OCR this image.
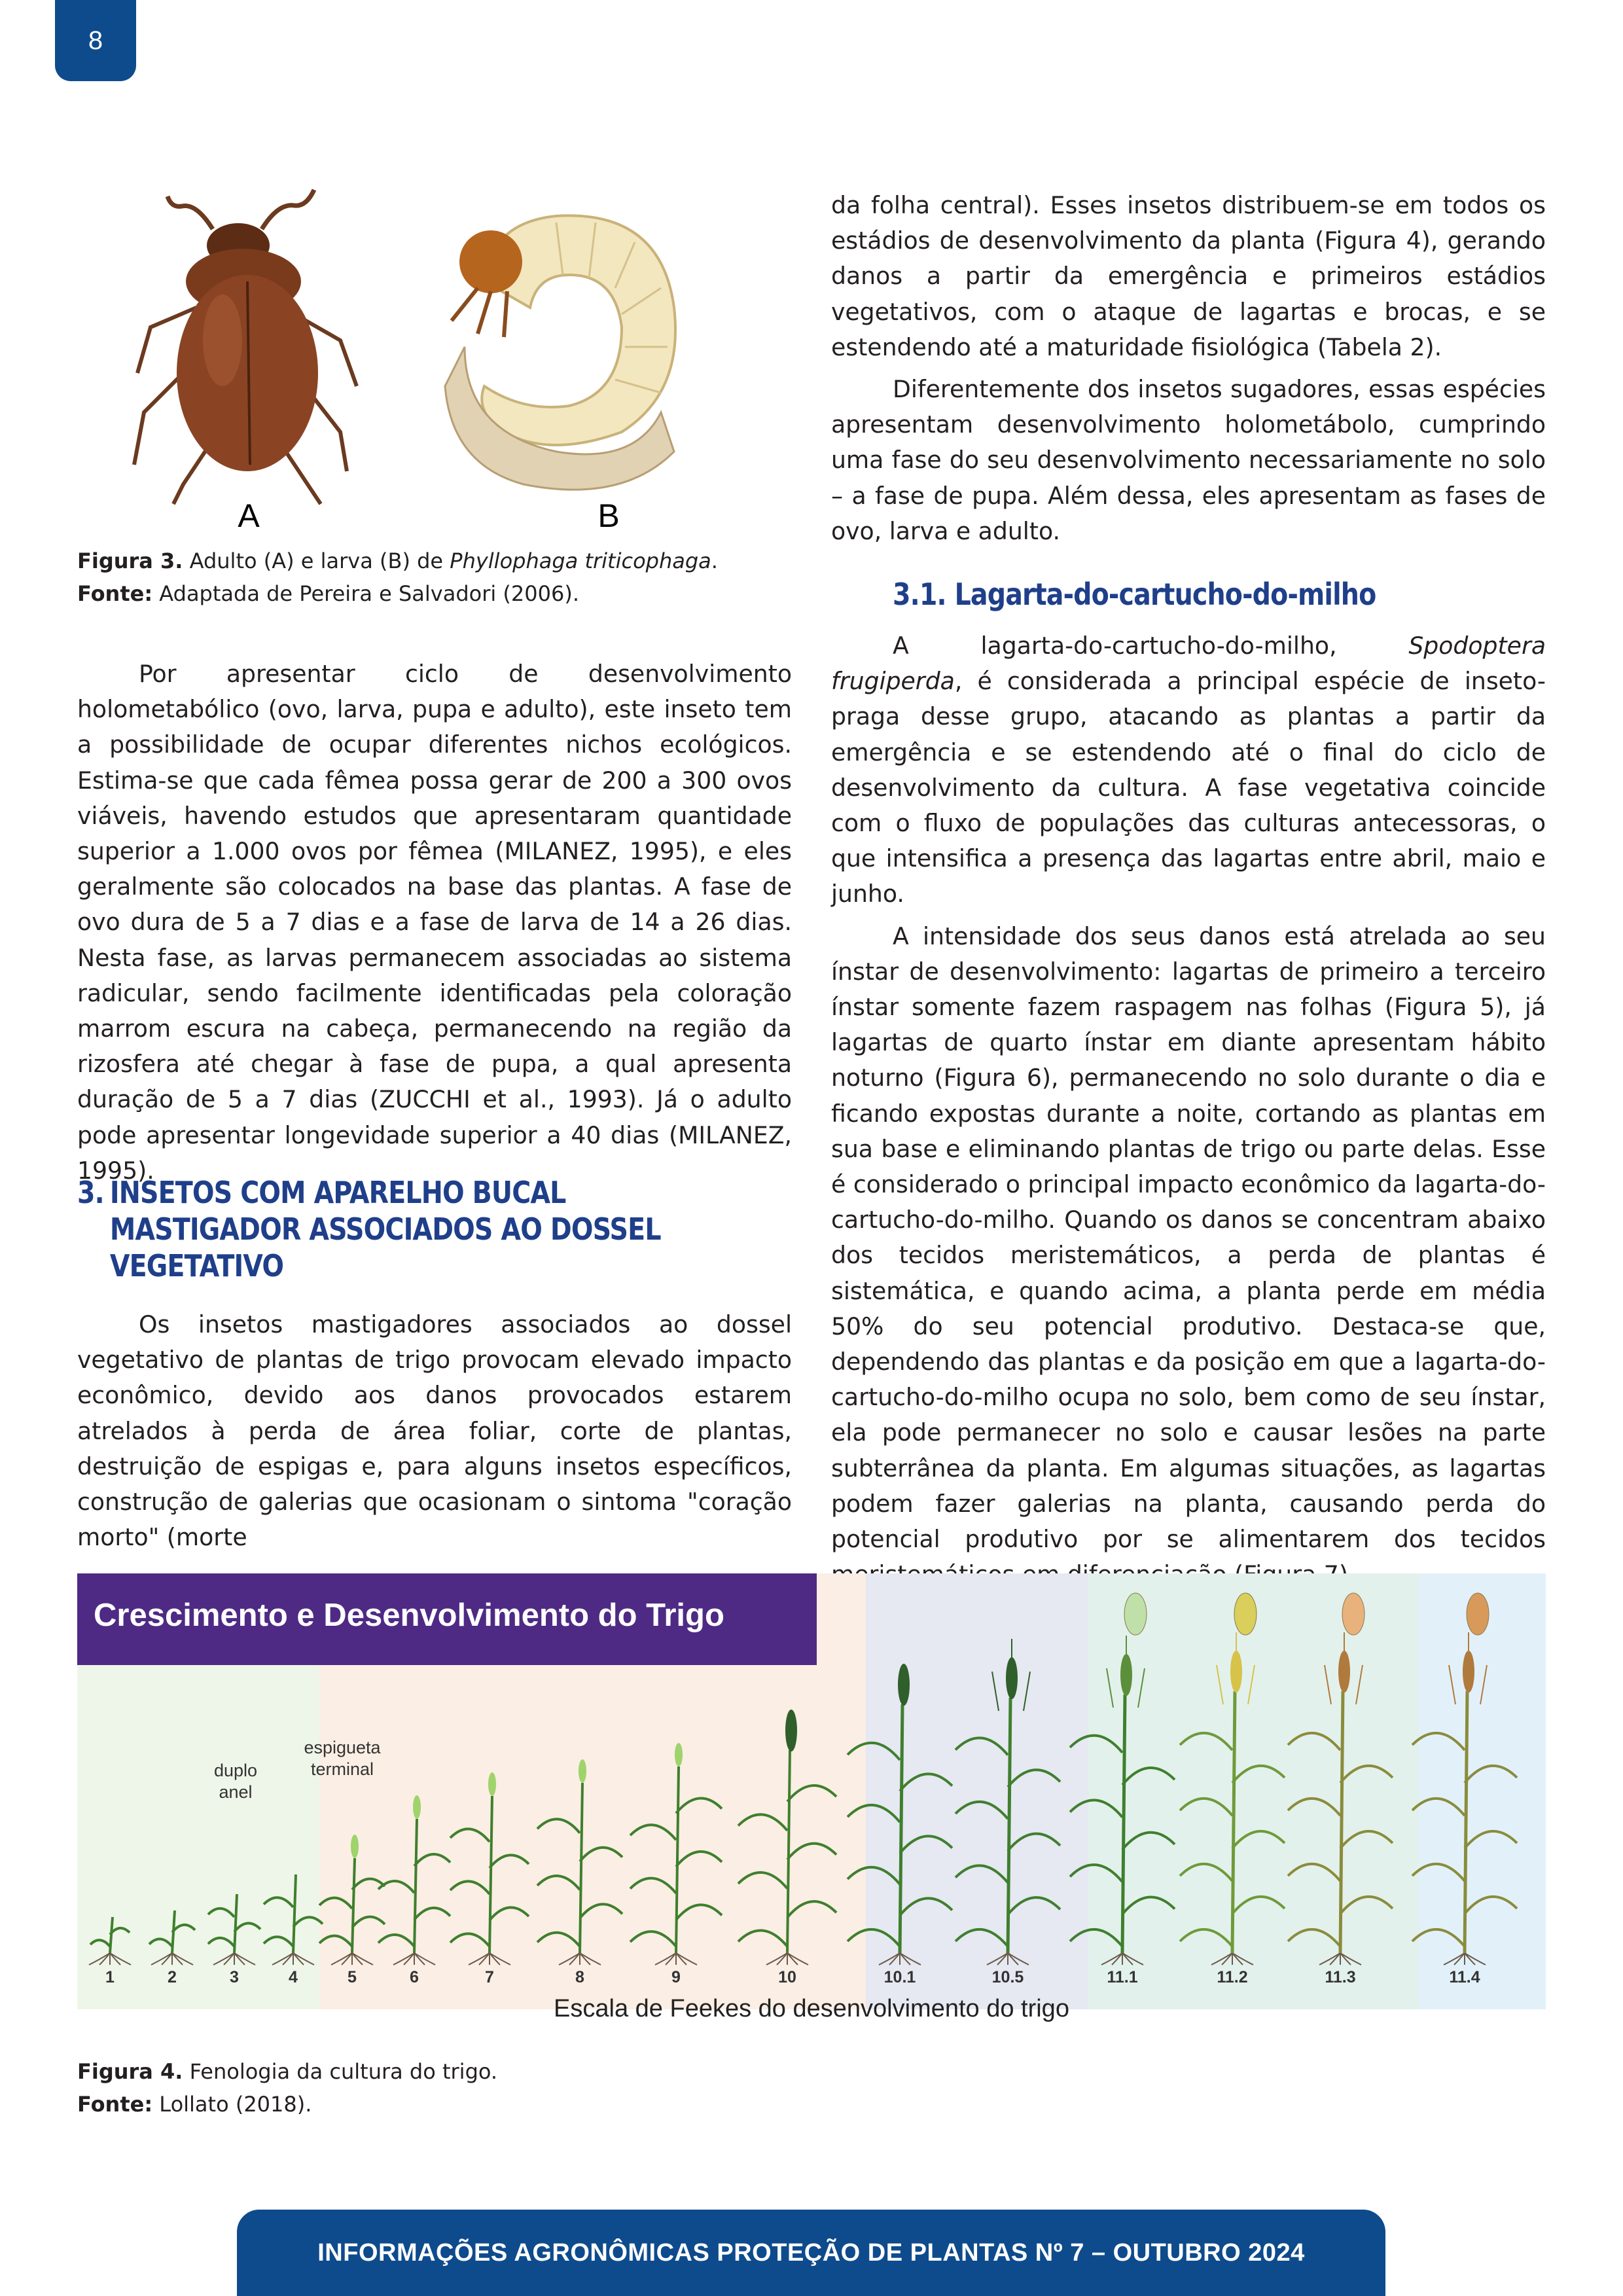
8
A	B

Figura 3. Adulto (A) e larva (B) de Phyllophaga triticophaga.

Fonte: Adaptada de Pereira e Salvadori (2006).

Por apresentar ciclo de desenvolvimento holometabólico (ovo, larva, pupa e adulto), este inseto tem a possibilidade de ocupar diferentes nichos ecológicos. Estima-se que cada fêmea possa gerar de 200 a 300 ovos viáveis, havendo estudos que apresentaram quantidade superior a 1.000 ovos por fêmea (MILANEZ, 1995), e eles geralmente são colocados na base das plantas. A fase de ovo dura de 5 a 7 dias e a fase de larva de 14 a 26 dias. Nesta fase, as larvas permanecem associadas ao sistema radicular, sendo facilmente identificadas pela coloração marrom escura na cabeça, permanecendo na região da rizosfera até chegar à fase de pupa, a qual apresenta duração de 5 a 7 dias (ZUCCHI et al., 1993). Já o adulto pode apresentar longevidade superior a 40 dias (MILANEZ, 1995).

3. INSETOS COM APARELHO BUCAL
MASTIGADOR ASSOCIADOS AO DOSSEL
VEGETATIVO

Os insetos mastigadores associados ao dossel vegetativo de plantas de trigo provocam elevado impacto econômico, devido aos danos provocados estarem atrelados à perda de área foliar, corte de plantas, destruição de espigas e, para alguns insetos específicos, construção de galerias que ocasionam o sintoma "coração morto" (morte

da folha central). Esses insetos distribuem-se em todos os estádios de desenvolvimento da planta (Figura 4), gerando danos a partir da emergência e primeiros estádios vegetativos, com o ataque de lagartas e brocas, e se estendendo até a maturidade fisiológica (Tabela 2).

Diferentemente dos insetos sugadores, essas espécies apresentam desenvolvimento holometábolo, cumprindo uma fase do seu desenvolvimento necessariamente no solo – a fase de pupa. Além dessa, eles apresentam as fases de ovo, larva e adulto.

3.1. Lagarta-do-cartucho-do-milho

A lagarta-do-cartucho-do-milho,	Spodoptera frugiperda, é considerada a principal espécie de inseto-praga desse grupo, atacando as plantas a partir da emergência e se estendendo até o final do ciclo de desenvolvimento da cultura. A fase vegetativa coincide com o fluxo de populações das culturas antecessoras, o que intensifica a presença das lagartas entre abril, maio e junho.

A intensidade dos seus danos está atrelada ao seu ínstar de desenvolvimento: lagartas de primeiro a terceiro ínstar somente fazem raspagem nas folhas (Figura 5), já lagartas de quarto ínstar em diante apresentam hábito noturno (Figura 6), permanecendo no solo durante o dia e ficando expostas durante a noite, cortando as plantas em sua base e eliminando plantas de trigo ou parte delas. Esse é considerado o principal impacto econômico da lagarta-do-cartucho-do-milho. Quando os danos se concentram abaixo dos tecidos meristemáticos, a perda de plantas é sistemática, e quando acima, a planta perde em média 50% do seu potencial produtivo. Destaca-se que, dependendo das plantas e da posição em que a lagarta-do-cartucho-do-milho ocupa no solo, bem como de seu ínstar, ela pode permanecer no solo e causar lesões na parte subterrânea da planta. Em algumas situações, as lagartas podem fazer galerias na planta, causando perda do potencial produtivo por se alimentarem dos tecidos

1	2	3	4	5	6	7	8	9	10	10.1	10.5	11.1	11.2	11.3	11.4
Crescimento e Desenvolvimento do Trigo
duplo
anel
espigueta
terminal
Escala de Feekes do desenvolvimento do trigo

Figura 4. Fenologia da cultura do trigo.

Fonte: Lollato (2018).

INFORMAÇÕES AGRONÔMICAS PROTEÇÃO DE PLANTAS Nº 7 – OUTUBRO 2024
